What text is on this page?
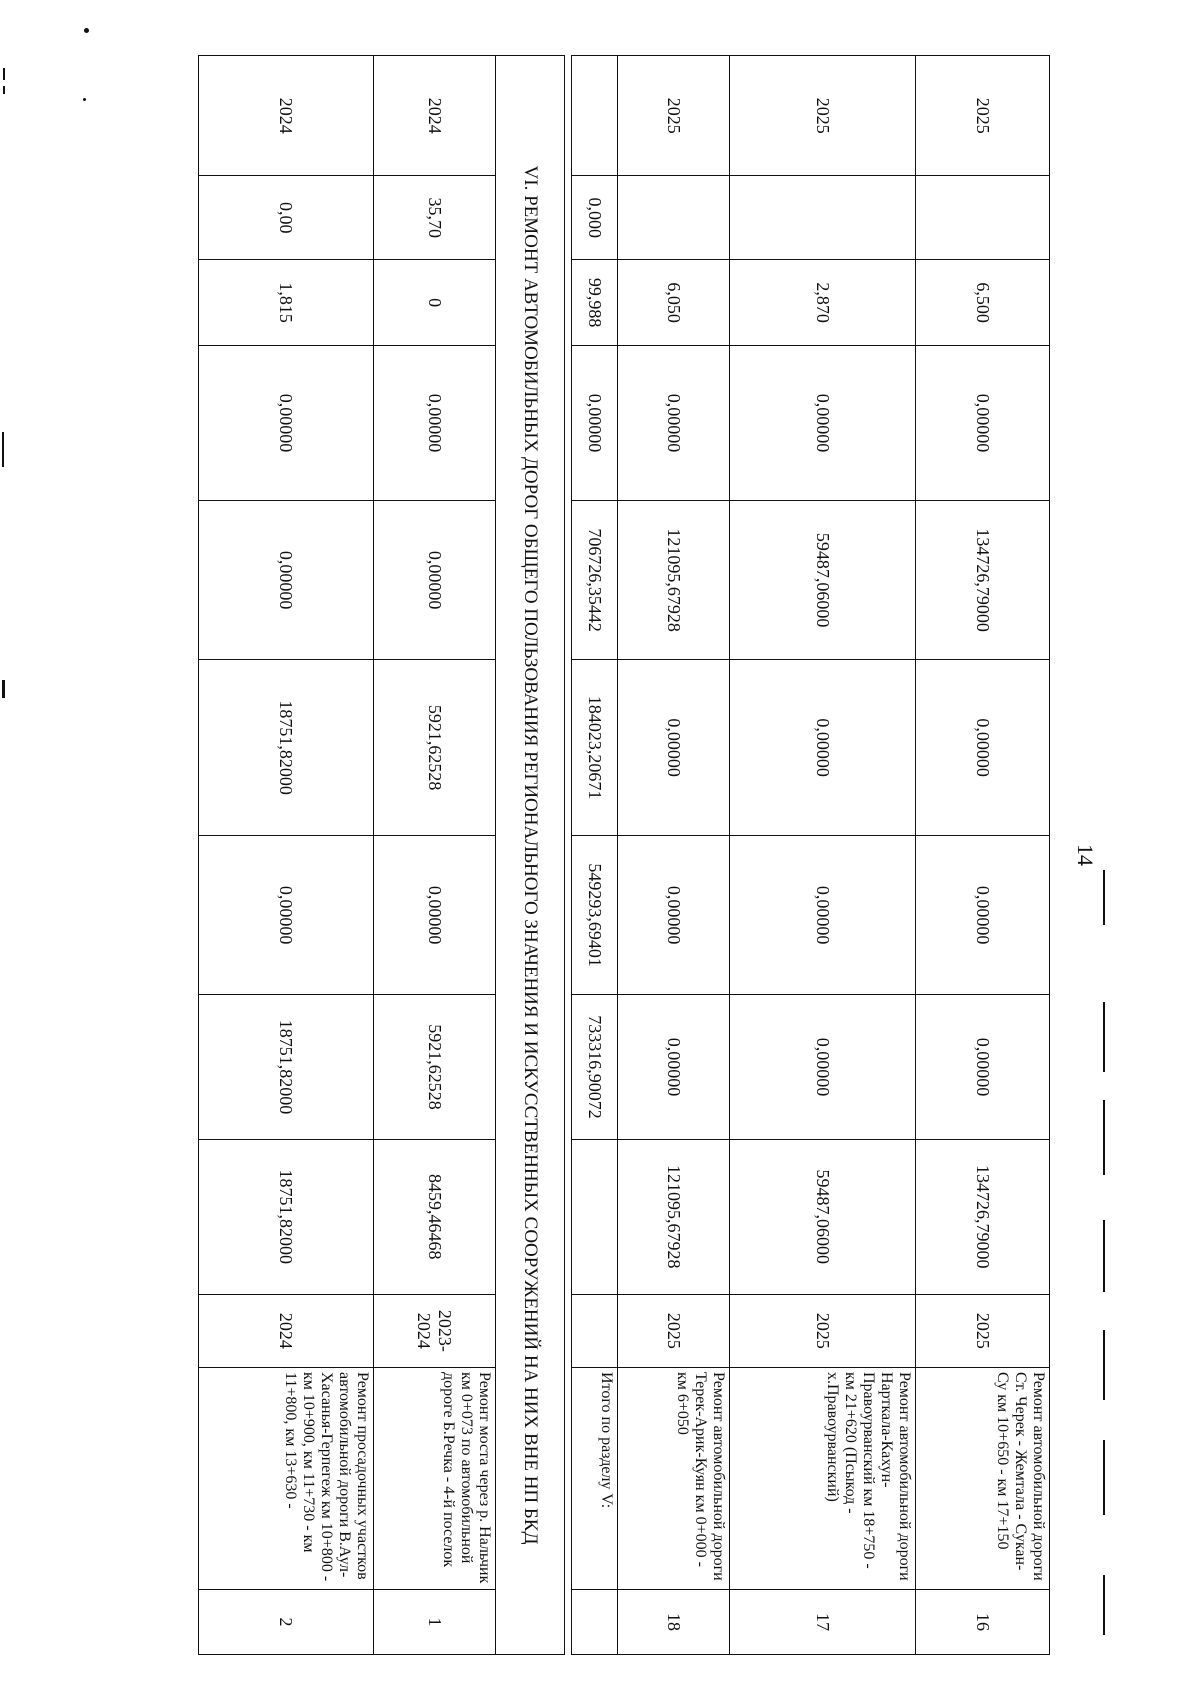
2025		6,500	0,00000	134726,79000	0,00000	0,00000	0,00000	134726,79000	2025	Ремонт автомобильной дороги Ст. Черек - Жемтала - Сукан-Су км 10+650 - км 17+150	16
2025		2,870	0,00000	59487,06000	0,00000	0,00000	0,00000	59487,06000	2025	Ремонт автомобильной дороги Нарткала-Кахун-Правоурванский км 18+750 - км 21+620 (Псыкод - х.Правоурванский)	17
2025		6,050	0,00000	121095,67928	0,00000	0,00000	0,00000	121095,67928	2025	Ремонт автомобильной дороги Терек-Арик-Куян км 0+000 - км 6+050	18
	0,000	99,988	0,00000	706726,35442	184023,20671	549293,69401	733316,90072			Итого по разделу V:	

VI. РЕМОНТ АВТОМОБИЛЬНЫХ ДОРОГ ОБЩЕГО ПОЛЬЗОВАНИЯ РЕГИОНАЛЬНОГО ЗНАЧЕНИЯ И ИСКУССТВЕННЫХ СООРУЖЕНИЙ НА НИХ ВНЕ НП БКД											
2024	35,70	0	0,00000	0,00000	5921,62528	0,00000	5921,62528	8459,46468	2023-2024	Ремонт моста через р. Нальчик км 0+073 по автомобильной дороге Б.Речка - 4-й поселок	1
2024	0,00	1,815	0,00000	0,00000	18751,82000	0,00000	18751,82000	18751,82000	2024	Ремонт просадочных участков автомобильной дороги В.Аул-Хасанья-Герпегеж км 10+800 - км 10+900, км 11+730 - км 11+800, км 13+630 -	2
14
